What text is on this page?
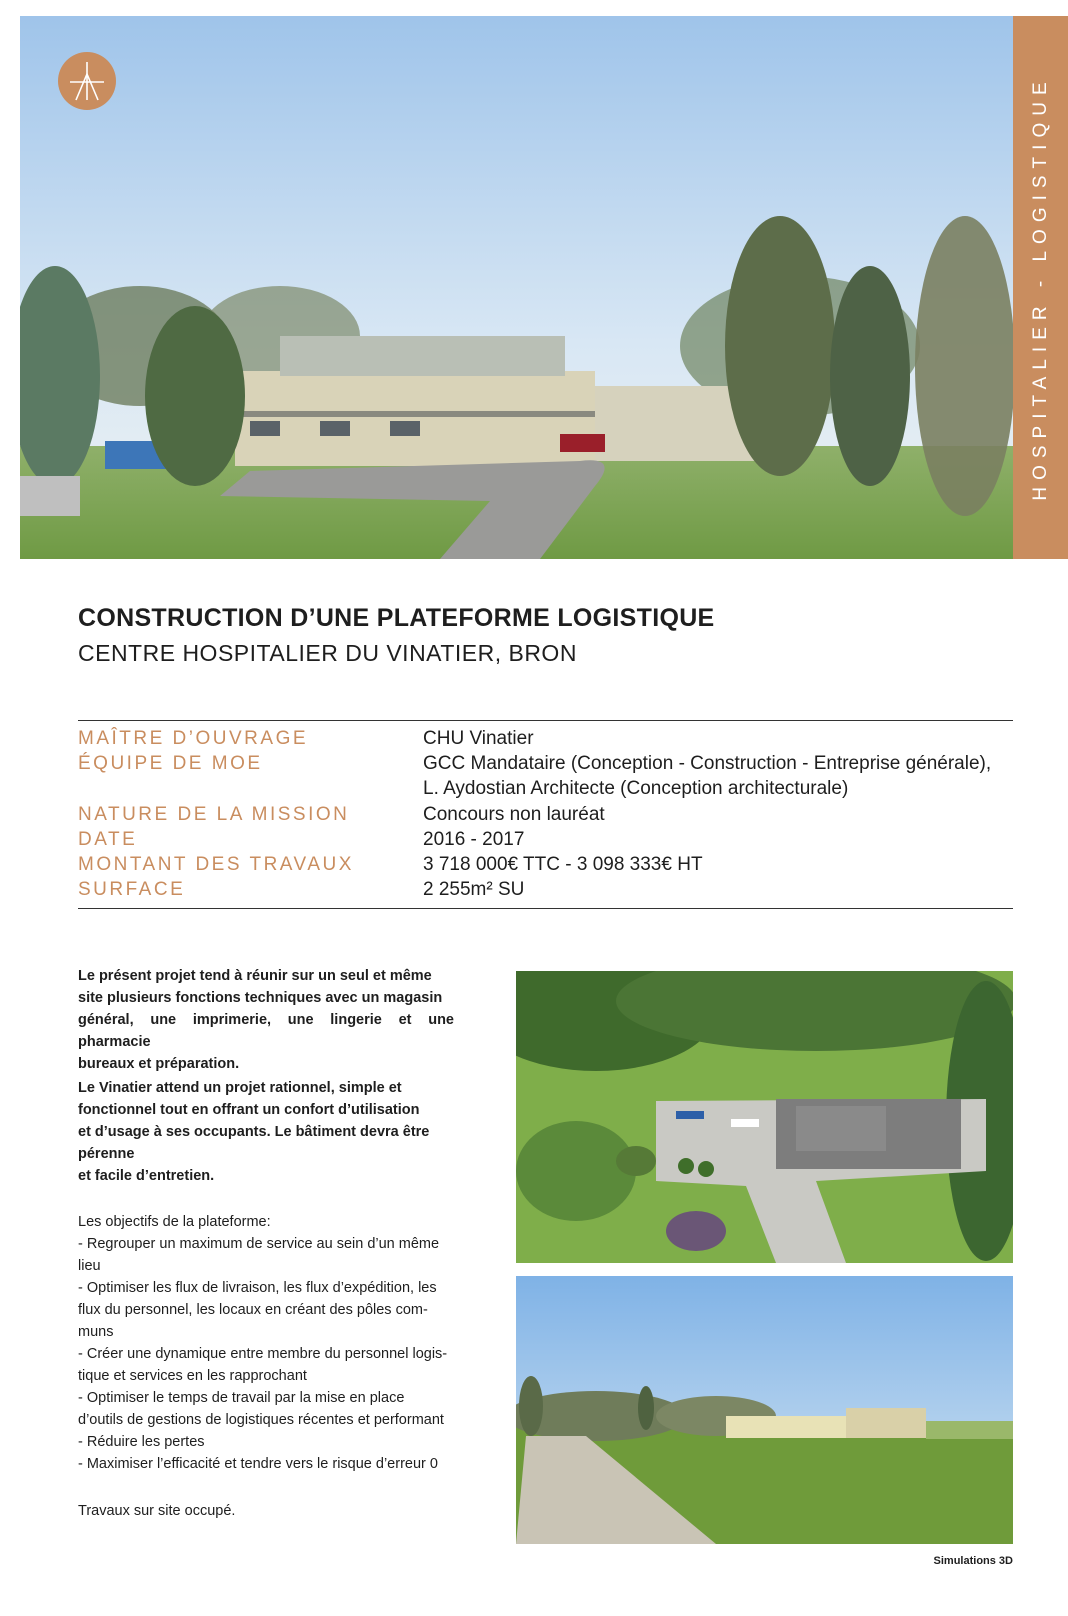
HOSPITALIER - LOGISTIQUE
CONSTRUCTION D’UNE PLATEFORME LOGISTIQUE
CENTRE HOSPITALIER DU VINATIER, BRON
MAÎTRE D’OUVRAGE	CHU Vinatier
ÉQUIPE DE MOE	GCC Mandataire (Conception - Construction - Entreprise générale),
L. Aydostian Architecte (Conception architecturale)
NATURE DE LA MISSION	Concours non lauréat
DATE	2016 - 2017
MONTANT DES TRAVAUX	3 718 000€ TTC - 3 098 333€ HT
SURFACE	2 255m² SU
Le présent projet tend à réunir sur un seul et même
site plusieurs fonctions techniques avec un magasin
général, une imprimerie, une lingerie et une pharmacie
bureaux et préparation.
Le Vinatier attend un projet rationnel, simple et
fonctionnel tout en offrant un confort d’utilisation
et d’usage à ses occupants. Le bâtiment devra être
pérenne
et facile d’entretien.
Les objectifs de la plateforme:
- Regrouper un maximum de service au sein d’un même
lieu
- Optimiser les flux de livraison, les flux d’expédition, les
flux du personnel, les locaux en créant des pôles com-
muns
- Créer une dynamique entre membre du personnel logis-
tique et services en les rapprochant
- Optimiser le temps de travail par la mise en place
d’outils de gestions de logistiques récentes et performant
- Réduire les pertes
- Maximiser l’efficacité et tendre vers le risque d’erreur 0
Travaux sur site occupé.
Simulations 3D
